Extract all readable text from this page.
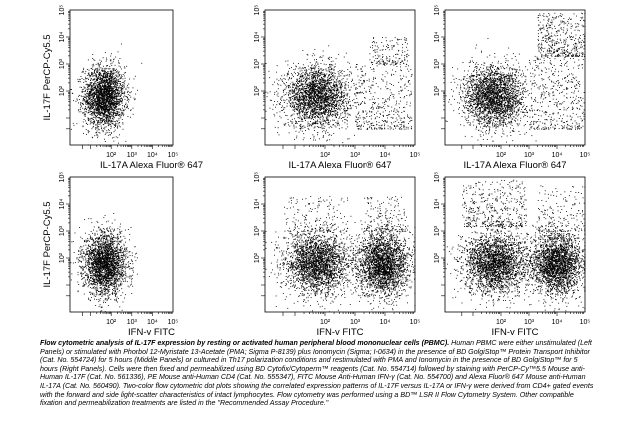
10² 10³ 10⁴ 10⁵
10²
10³
10⁴
10⁵
IL-17A Alexa Fluor® 647
IL-17F PerCP-Cy5.5
10²	10³	10⁴	10⁵
10²
10³
10⁴
10⁵
IL-17A Alexa Fluor® 647
10²	10³	10⁴ 10⁵
10²
10³
10⁴
10⁵
IL-17A Alexa Fluor® 647
10² 10³ 10⁴ 10⁵
10²
10³
10⁴
10⁵
IFN-γ FITC
IL-17F PerCP-Cy5.5
10²	10³	10⁴	10⁵
10²
10³
10⁴
10⁵
IFN-γ FITC
10²	10³	10⁴ 10⁵
10²
10³
10⁴
10⁵
IFN-γ FITC

Flow cytometric analysis of IL-17F expression by resting or activated human peripheral blood mononuclear cells (PBMC). Human PBMC were either unstimulated (Left Panels) or stimulated with Phorbol 12-Myristate 13-Acetate (PMA; Sigma P-8139) plus Ionomycin (Sigma; I-0634) in the presence of BD GolgiStop™ Protein Transport Inhibitor (Cat. No. 554724) for 5 hours (Middle Panels) or cultured in Th17 polarization conditions and restimulated with PMA and Ionomycin in the presence of BD GolgiStop™ for 5 hours (Right Panels). Cells were then fixed and permeabilized using BD Cytofix/Cytoperm™ reagents (Cat. No. 554714) followed by staining with PerCP-Cy™5.5 Mouse anti-Human IL-17F (Cat. No. 561336), PE Mouse anti-Human CD4 (Cat. No. 555347), FITC Mouse Anti-Human IFN-γ (Cat. No. 554700) and Alexa Fluor® 647 Mouse anti-Human IL-17A (Cat. No. 560490). Two-color flow cytometric dot plots showing the correlated expression patterns of IL-17F versus IL-17A or IFN-γ were derived from CD4+ gated events with the forward and side light-scatter characteristics of intact lymphocytes. Flow cytometry was performed using a BD™ LSR II Flow Cytometry System. Other compatible fixation and permeabilization treatments are listed in the "Recommended Assay Procedure."
